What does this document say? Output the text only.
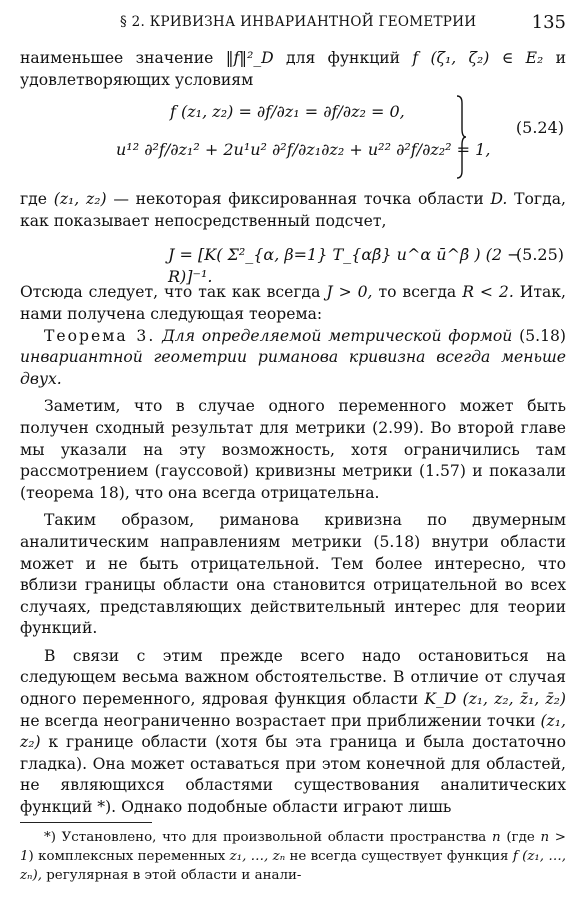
§ 2. КРИВИЗНА ИНВАРИАНТНОЙ ГЕОМЕТРИИ	135

наименьшее значение ‖f‖²_D для функций f (ζ₁, ζ₂) ∈ E₂ и удовлетворяющих условиям

f (z₁, z₂) = ∂f/∂z₁ = ∂f/∂z₂ = 0,
u¹² ∂²f/∂z₁² + 2u¹u² ∂²f/∂z₁∂z₂ + u²² ∂²f/∂z₂² = 1,
(5.24)

где (z₁, z₂) — некоторая фиксированная точка области D. Тогда, как показывает непосредственный подсчет,

J = [K( Σ²_{α, β=1} T_{αβ̄} u^α ū^β̄ ) (2 − R)]⁻¹.
(5.25)

Отсюда следует, что так как всегда J > 0, то всегда R < 2. Итак, нами получена следующая теорема:

Теорема 3. Для определяемой метрической формой (5.18) инвариантной геометрии риманова кривизна всегда меньше двух.

Заметим, что в случае одного переменного может быть получен сходный результат для метрики (2.99). Во второй главе мы указали на эту возможность, хотя ограничились там рассмотрением (гауссовой) кривизны метрики (1.57) и показали (теорема 18), что она всегда отрицательна.

Таким образом, риманова кривизна по двумерным аналитическим направлениям метрики (5.18) внутри области может и не быть отрицательной. Тем более интересно, что вблизи границы области она становится отрицательной во всех случаях, представляющих действительный интерес для теории функций.

В связи с этим прежде всего надо остановиться на следующем весьма важном обстоятельстве. В отличие от случая одного переменного, ядровая функция области K_D (z₁, z₂, z̄₁, z̄₂) не всегда неограниченно возрастает при приближении точки (z₁, z₂) к границе области (хотя бы эта граница и была достаточно гладка). Она может оставаться при этом конечной для областей, не являющихся областями существования аналитических функций *). Однако подобные области играют лишь

*) Установлено, что для произвольной области пространства n (где n > 1) комплексных переменных z₁, …, zₙ не всегда существует функция f (z₁, …, zₙ), регулярная в этой области и анали-
